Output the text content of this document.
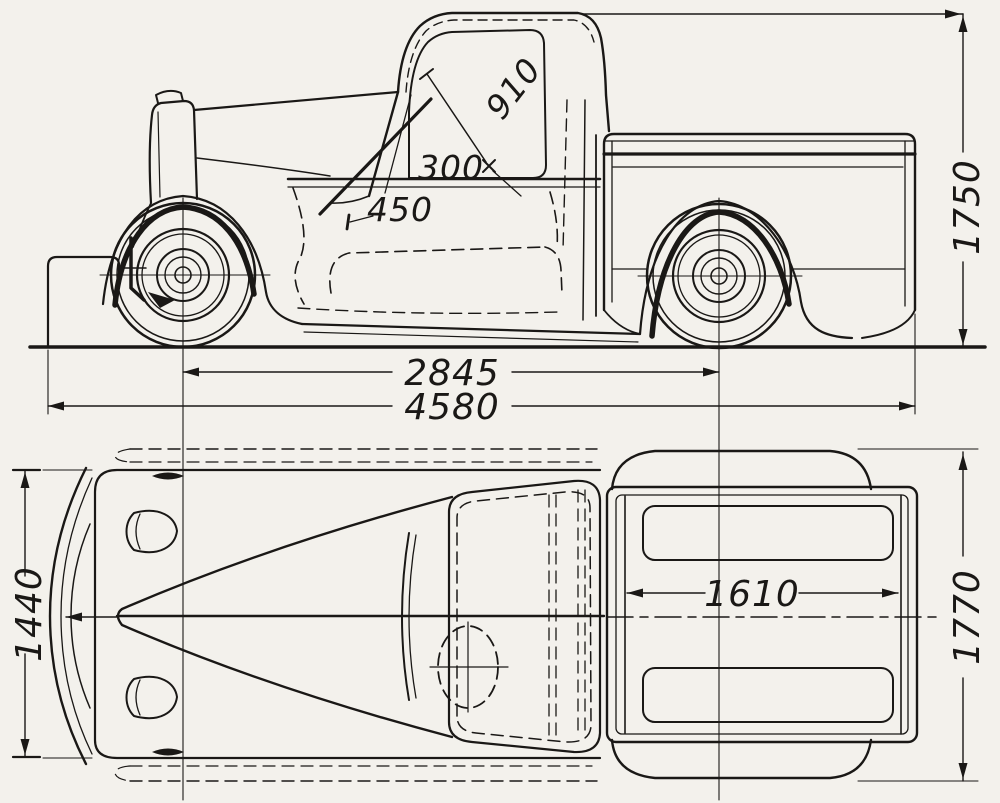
910
300
450	1750
2845
4580
1440	1610	1770
